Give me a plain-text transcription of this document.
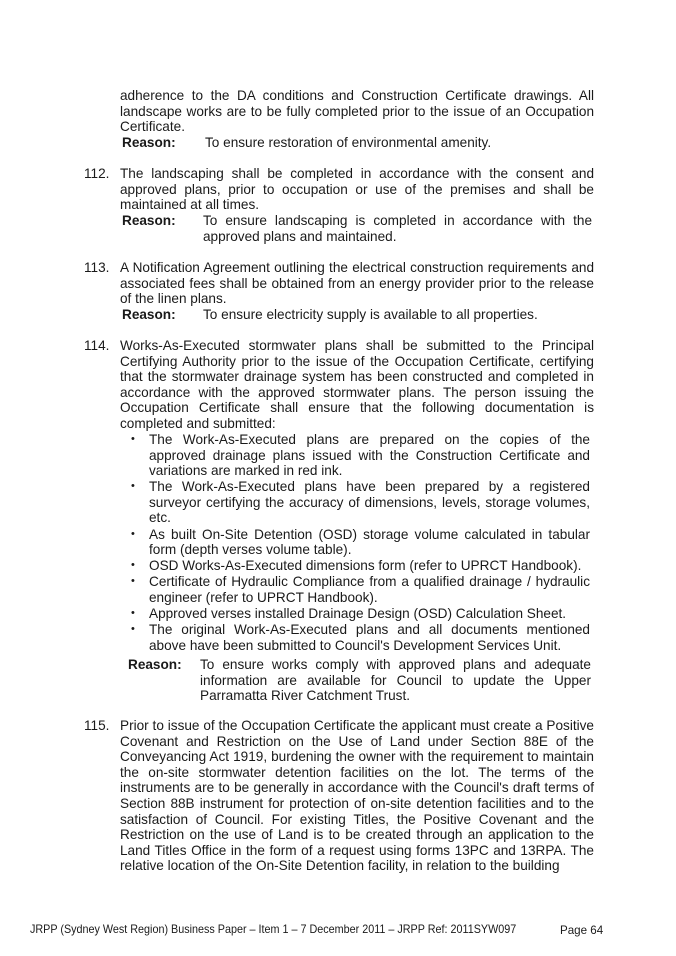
adherence to the DA conditions and Construction Certificate drawings. All landscape works are to be fully completed prior to the issue of an Occupation Certificate.

Reason: To ensure restoration of environmental amenity.
112. The landscaping shall be completed in accordance with the consent and approved plans, prior to occupation or use of the premises and shall be maintained at all times.

Reason: To ensure landscaping is completed in accordance with the approved plans and maintained.
113. A Notification Agreement outlining the electrical construction requirements and associated fees shall be obtained from an energy provider prior to the release of the linen plans.

Reason: To ensure electricity supply is available to all properties.
114. Works-As-Executed stormwater plans shall be submitted to the Principal Certifying Authority prior to the issue of the Occupation Certificate, certifying that the stormwater drainage system has been constructed and completed in accordance with the approved stormwater plans. The person issuing the Occupation Certificate shall ensure that the following documentation is completed and submitted:

• The Work-As-Executed plans are prepared on the copies of the approved drainage plans issued with the Construction Certificate and variations are marked in red ink.
• The Work-As-Executed plans have been prepared by a registered surveyor certifying the accuracy of dimensions, levels, storage volumes, etc.
• As built On-Site Detention (OSD) storage volume calculated in tabular form (depth verses volume table).
• OSD Works-As-Executed dimensions form (refer to UPRCT Handbook).
• Certificate of Hydraulic Compliance from a qualified drainage / hydraulic engineer (refer to UPRCT Handbook).
• Approved verses installed Drainage Design (OSD) Calculation Sheet.
• The original Work-As-Executed plans and all documents mentioned above have been submitted to Council's Development Services Unit.
Reason: To ensure works comply with approved plans and adequate information are available for Council to update the Upper Parramatta River Catchment Trust.
115. Prior to issue of the Occupation Certificate the applicant must create a Positive Covenant and Restriction on the Use of Land under Section 88E of the Conveyancing Act 1919, burdening the owner with the requirement to maintain the on-site stormwater detention facilities on the lot. The terms of the instruments are to be generally in accordance with the Council's draft terms of Section 88B instrument for protection of on-site detention facilities and to the satisfaction of Council. For existing Titles, the Positive Covenant and the Restriction on the use of Land is to be created through an application to the Land Titles Office in the form of a request using forms 13PC and 13RPA. The relative location of the On-Site Detention facility, in relation to the building

JRPP (Sydney West Region) Business Paper – Item 1 – 7 December 2011 – JRPP Ref: 2011SYW097	Page 64
